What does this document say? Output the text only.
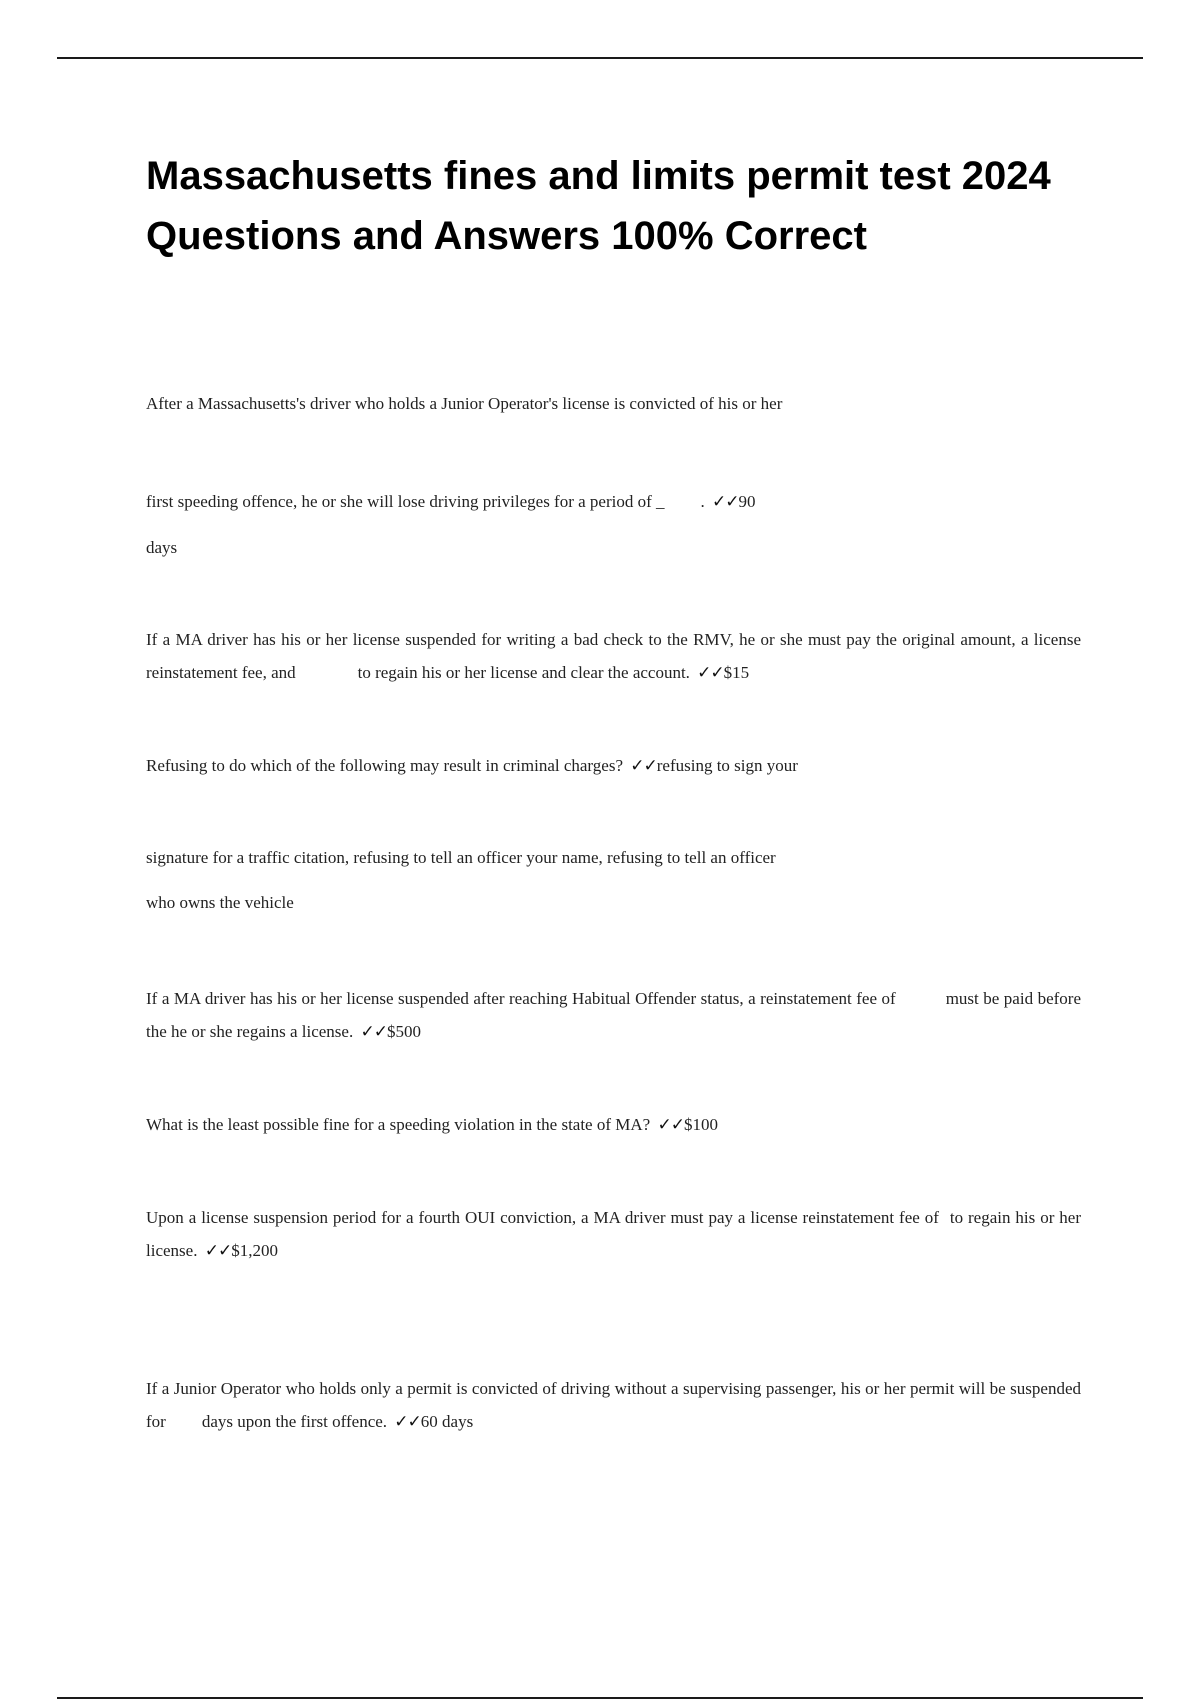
Massachusetts fines and limits permit test 2024 Questions and Answers 100% Correct

After a Massachusetts's driver who holds a Junior Operator's license is convicted of his or her

first speeding offence, he or she will lose driving privileges for a period of _ . ✓✓90
days

If a MA driver has his or her license suspended for writing a bad check to the RMV, he or she must pay the original amount, a license reinstatement fee, and	to regain his or her license and clear the account. ✓✓$15

Refusing to do which of the following may result in criminal charges? ✓✓refusing to sign your

signature for a traffic citation, refusing to tell an officer your name, refusing to tell an officer
who owns the vehicle

If a MA driver has his or her license suspended after reaching Habitual Offender status, a reinstatement fee of	must be paid before the he or she regains a license. ✓✓$500

What is the least possible fine for a speeding violation in the state of MA? ✓✓$100

Upon a license suspension period for a fourth OUI conviction, a MA driver must pay a license reinstatement fee of to regain his or her license. ✓✓$1,200

If a Junior Operator who holds only a permit is convicted of driving without a supervising passenger, his or her permit will be suspended for days upon the first offence. ✓✓60 days
